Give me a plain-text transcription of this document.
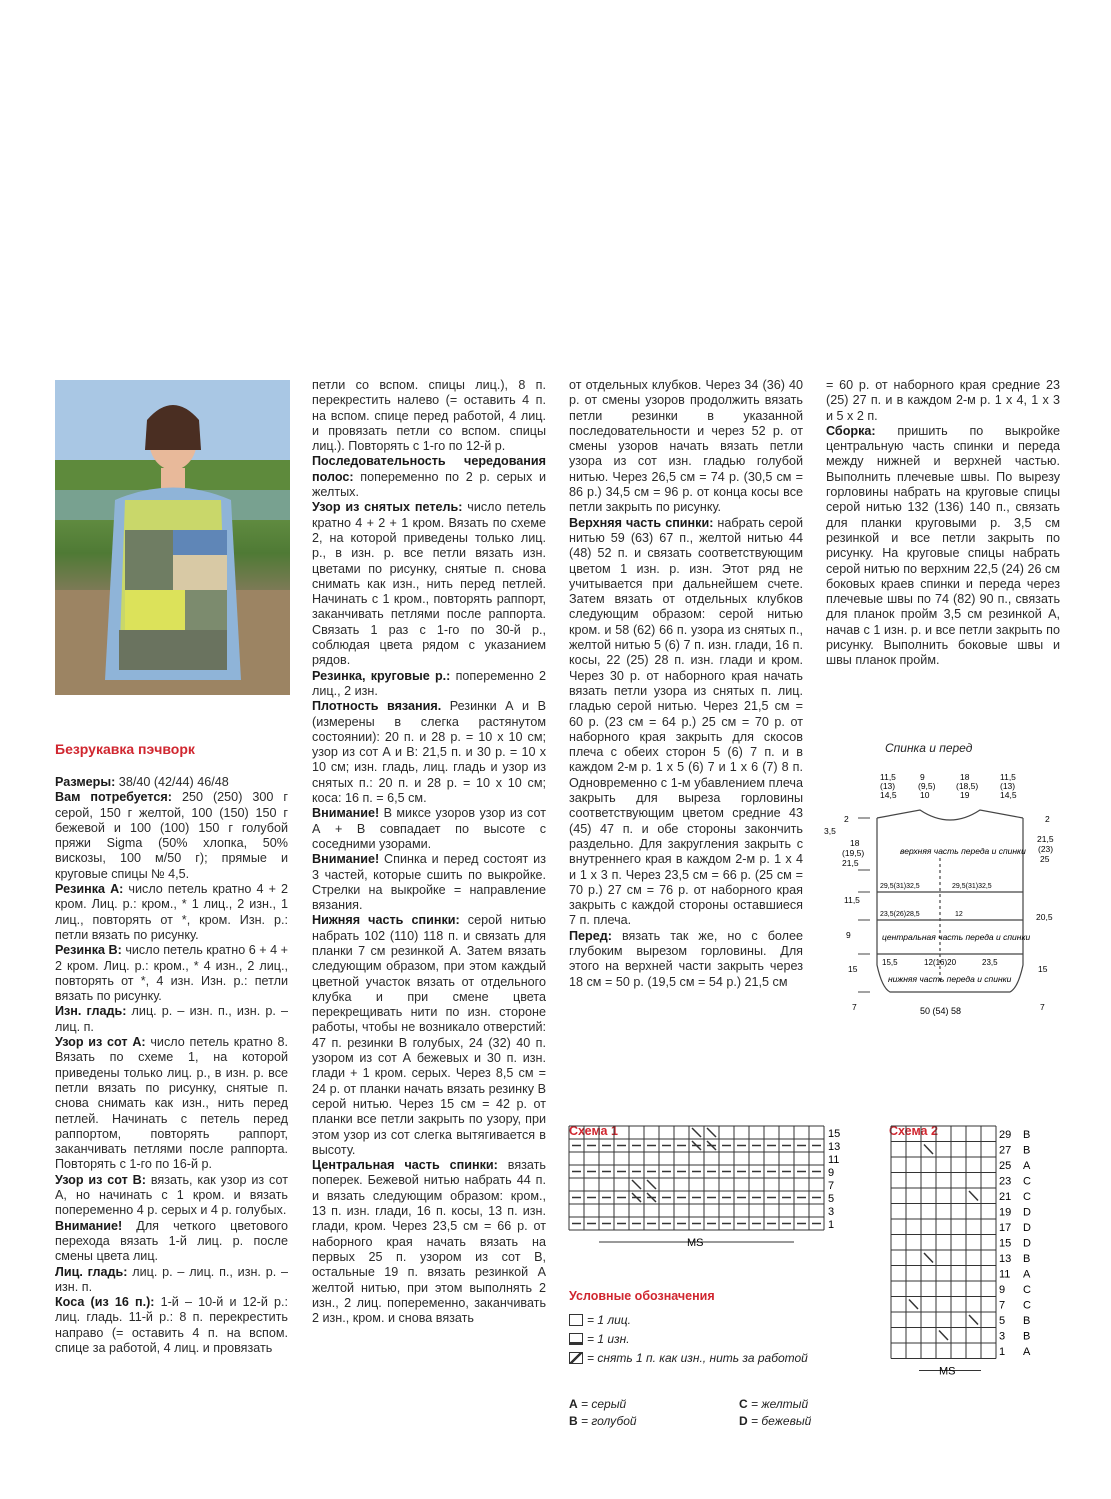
Безрукавка пэчворк

Размеры: 38/40 (42/44) 46/48

Вам потребуется: 250 (250) 300 г серой, 150 г желтой, 100 (150) 150 г бежевой и 100 (100) 150 г голубой пряжи Sigma (50% хлопка, 50% вискозы, 100 м/50 г); прямые и круговые спицы № 4,5.

Резинка А: число петель кратно 4 + 2 кром. Лиц. р.: кром., * 1 лиц., 2 изн., 1 лиц., повторять от *, кром. Изн. р.: петли вязать по рисунку.

Резинка В: число петель кратно 6 + 4 + 2 кром. Лиц. р.: кром., * 4 изн., 2 лиц., повторять от *, 4 изн. Изн. р.: петли вязать по рисунку.

Изн. гладь: лиц. р. – изн. п., изн. р. – лиц. п.

Узор из сот А: число петель кратно 8. Вязать по схеме 1, на которой приведены только лиц. р., в изн. р. все петли вязать по рисунку, снятые п. снова снимать как изн., нить перед петлей. Начинать с петель перед раппортом, повторять раппорт, заканчивать петлями после раппорта. Повторять с 1-го по 16-й р.

Узор из сот В: вязать, как узор из сот А, но начинать с 1 кром. и вязать попеременно 4 р. серых и 4 р. голубых.

Внимание! Для четкого цветового перехода вязать 1-й лиц. р. после смены цвета лиц.

Лиц. гладь: лиц. р. – лиц. п., изн. р. – изн. п.

Коса (из 16 п.): 1-й – 10-й и 12-й р.: лиц. гладь. 11-й р.: 8 п. перекрестить направо (= оставить 4 п. на вспом. спице за работой, 4 лиц. и провязать

петли со вспом. спицы лиц.), 8 п. перекрестить налево (= оставить 4 п. на вспом. спице перед работой, 4 лиц. и провязать петли со вспом. спицы лиц.). Повторять с 1-го по 12-й р.

Последовательность чередования полос: попеременно по 2 р. серых и желтых.

Узор из снятых петель: число петель кратно 4 + 2 + 1 кром. Вязать по схеме 2, на которой приведены только лиц. р., в изн. р. все петли вязать изн. цветами по рисунку, снятые п. снова снимать как изн., нить перед петлей. Начинать с 1 кром., повторять раппорт, заканчивать петлями после раппорта. Связать 1 раз с 1-го по 30-й р., соблюдая цвета рядом с указанием рядов.

Резинка, круговые р.: попеременно 2 лиц., 2 изн.

Плотность вязания. Резинки А и В (измерены в слегка растянутом состоянии): 20 п. и 28 р. = 10 х 10 см; узор из сот А и В: 21,5 п. и 30 р. = 10 х 10 см; изн. гладь, лиц. гладь и узор из снятых п.: 20 п. и 28 р. = 10 х 10 см; коса: 16 п. = 6,5 см.

Внимание! В миксе узоров узор из сот А + В совпадает по высоте с соседними узорами.

Внимание! Спинка и перед состоят из 3 частей, которые сшить по выкройке. Стрелки на выкройке = направление вязания.

Нижняя часть спинки: серой нитью набрать 102 (110) 118 п. и связать для планки 7 см резинкой А. Затем вязать следующим образом, при этом каждый цветной участок вязать от отдельного клубка и при смене цвета перекрещивать нити по изн. стороне работы, чтобы не возникало отверстий: 47 п. резинки В голубых, 24 (32) 40 п. узором из сот А бежевых и 30 п. изн. глади + 1 кром. серых. Через 8,5 см = 24 р. от планки начать вязать резинку В серой нитью. Через 15 см = 42 р. от планки все петли закрыть по узору, при этом узор из сот слегка вытягивается в высоту.

Центральная часть спинки: вязать поперек. Бежевой нитью набрать 44 п. и вязать следующим образом: кром., 13 п. изн. глади, 16 п. косы, 13 п. изн. глади, кром. Через 23,5 см = 66 р. от наборного края начать вязать на первых 25 п. узором из сот В, остальные 19 п. вязать резинкой А желтой нитью, при этом выполнять 2 изн., 2 лиц. попеременно, заканчивать 2 изн., кром. и снова вязать

от отдельных клубков. Через 34 (36) 40 р. от смены узоров продолжить вязать петли резинки в указанной последовательности и через 52 р. от смены узоров начать вязать петли узора из сот изн. гладью голубой нитью. Через 26,5 см = 74 р. (30,5 см = 86 р.) 34,5 см = 96 р. от конца косы все петли закрыть по рисунку.

Верхняя часть спинки: набрать серой нитью 59 (63) 67 п., желтой нитью 44 (48) 52 п. и связать соответствующим цветом 1 изн. р. изн. Этот ряд не учитывается при дальнейшем счете. Затем вязать от отдельных клубков следующим образом: серой нитью кром. и 58 (62) 66 п. узора из снятых п., желтой нитью 5 (6) 7 п. изн. глади, 16 п. косы, 22 (25) 28 п. изн. глади и кром. Через 30 р. от наборного края начать вязать петли узора из снятых п. лиц. гладью серой нитью. Через 21,5 см = 60 р. (23 см = 64 р.) 25 см = 70 р. от наборного края закрыть для скосов плеча с обеих сторон 5 (6) 7 п. и в каждом 2-м р. 1 х 5 (6) 7 и 1 х 6 (7) 8 п. Одновременно с 1-м убавлением плеча закрыть для выреза горловины соответствующим цветом средние 43 (45) 47 п. и обе стороны закончить раздельно. Для закругления закрыть с внутреннего края в каждом 2-м р. 1 х 4 и 1 х 3 п. Через 23,5 см = 66 р. (25 см = 70 р.) 27 см = 76 р. от наборного края закрыть с каждой стороны оставшиеся 7 п. плеча.

Перед: вязать так же, но с более глубоким вырезом горловины. Для этого на верхней части закрыть через 18 см = 50 р. (19,5 см = 54 р.) 21,5 см

= 60 р. от наборного края средние 23 (25) 27 п. и в каждом 2-м р. 1 х 4, 1 х 3 и 5 х 2 п.

Сборка: пришить по выкройке центральную часть спинки и переда между нижней и верхней частью. Выполнить плечевые швы. По вырезу горловины набрать на круговые спицы серой нитью 132 (136) 140 п., связать для планки круговыми р. 3,5 см резинкой и все петли закрыть по рисунку. На круговые спицы набрать серой нитью по верхним 22,5 (24) 26 см боковых краев спинки и переда через плечевые швы по 74 (82) 90 п., связать для планок пройм 3,5 см резинкой А, начав с 1 изн. р. и все петли закрыть по рисунку. Выполнить боковые швы и швы планок пройм.

Спинка и перед
верхняя часть переда и спинки
центральная часть переда и спинки
нижняя часть переда и спинки
50 (54) 58
11,5
(13)
14,5
9
(9,5)
10
18
(18,5)
19
11,5
(13)
14,5
2
3,5
18
(19,5)
21,5
11,5
9
15
7
2
21,5
(23)
25
20,5
15
7
29,5(31)32,5	29,5(31)32,5
23,5(26)28,5	12
15,5	12(16)20	23,5
Схема 1	15
13
11
9
7
5
3
1
MS
Схема 2	29 B
27 B
25 A
23 C
21 C
19 D
17 D
15 D
13 B
11 A
9 C
7 C
5 B
3 B
1 A
MS
Условные обозначения
= 1 лиц.
= 1 изн.
= снять 1 п. как изн., нить за работой
A = серый
B = голубой
C = желтый
D = бежевый
